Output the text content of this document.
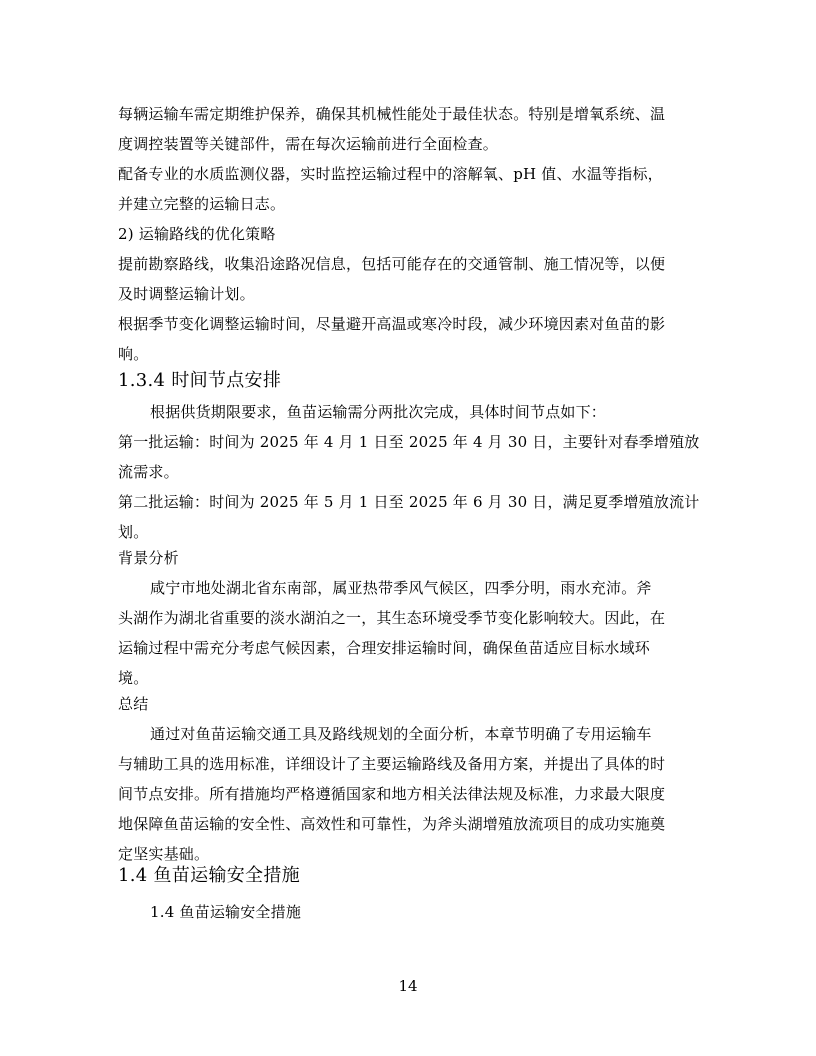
每辆运输车需定期维护保养，确保其机械性能处于最佳状态。特别是增氧系统、温
度调控装置等关键部件，需在每次运输前进行全面检查。
配备专业的水质监测仪器，实时监控运输过程中的溶解氧、pH 值、水温等指标，
并建立完整的运输日志。
2) 运输路线的优化策略
提前勘察路线，收集沿途路况信息，包括可能存在的交通管制、施工情况等，以便
及时调整运输计划。
根据季节变化调整运输时间，尽量避开高温或寒冷时段，减少环境因素对鱼苗的影
响。
1.3.4 时间节点安排
根据供货期限要求，鱼苗运输需分两批次完成，具体时间节点如下：
第一批运输：时间为 2025 年 4 月 1 日至 2025 年 4 月 30 日，主要针对春季增殖放
流需求。
第二批运输：时间为 2025 年 5 月 1 日至 2025 年 6 月 30 日，满足夏季增殖放流计
划。
背景分析
咸宁市地处湖北省东南部，属亚热带季风气候区，四季分明，雨水充沛。斧
头湖作为湖北省重要的淡水湖泊之一，其生态环境受季节变化影响较大。因此，在
运输过程中需充分考虑气候因素，合理安排运输时间，确保鱼苗适应目标水域环
境。
总结
通过对鱼苗运输交通工具及路线规划的全面分析，本章节明确了专用运输车
与辅助工具的选用标准，详细设计了主要运输路线及备用方案，并提出了具体的时
间节点安排。所有措施均严格遵循国家和地方相关法律法规及标准，力求最大限度
地保障鱼苗运输的安全性、高效性和可靠性，为斧头湖增殖放流项目的成功实施奠
定坚实基础。
1.4 鱼苗运输安全措施
1.4 鱼苗运输安全措施
14
